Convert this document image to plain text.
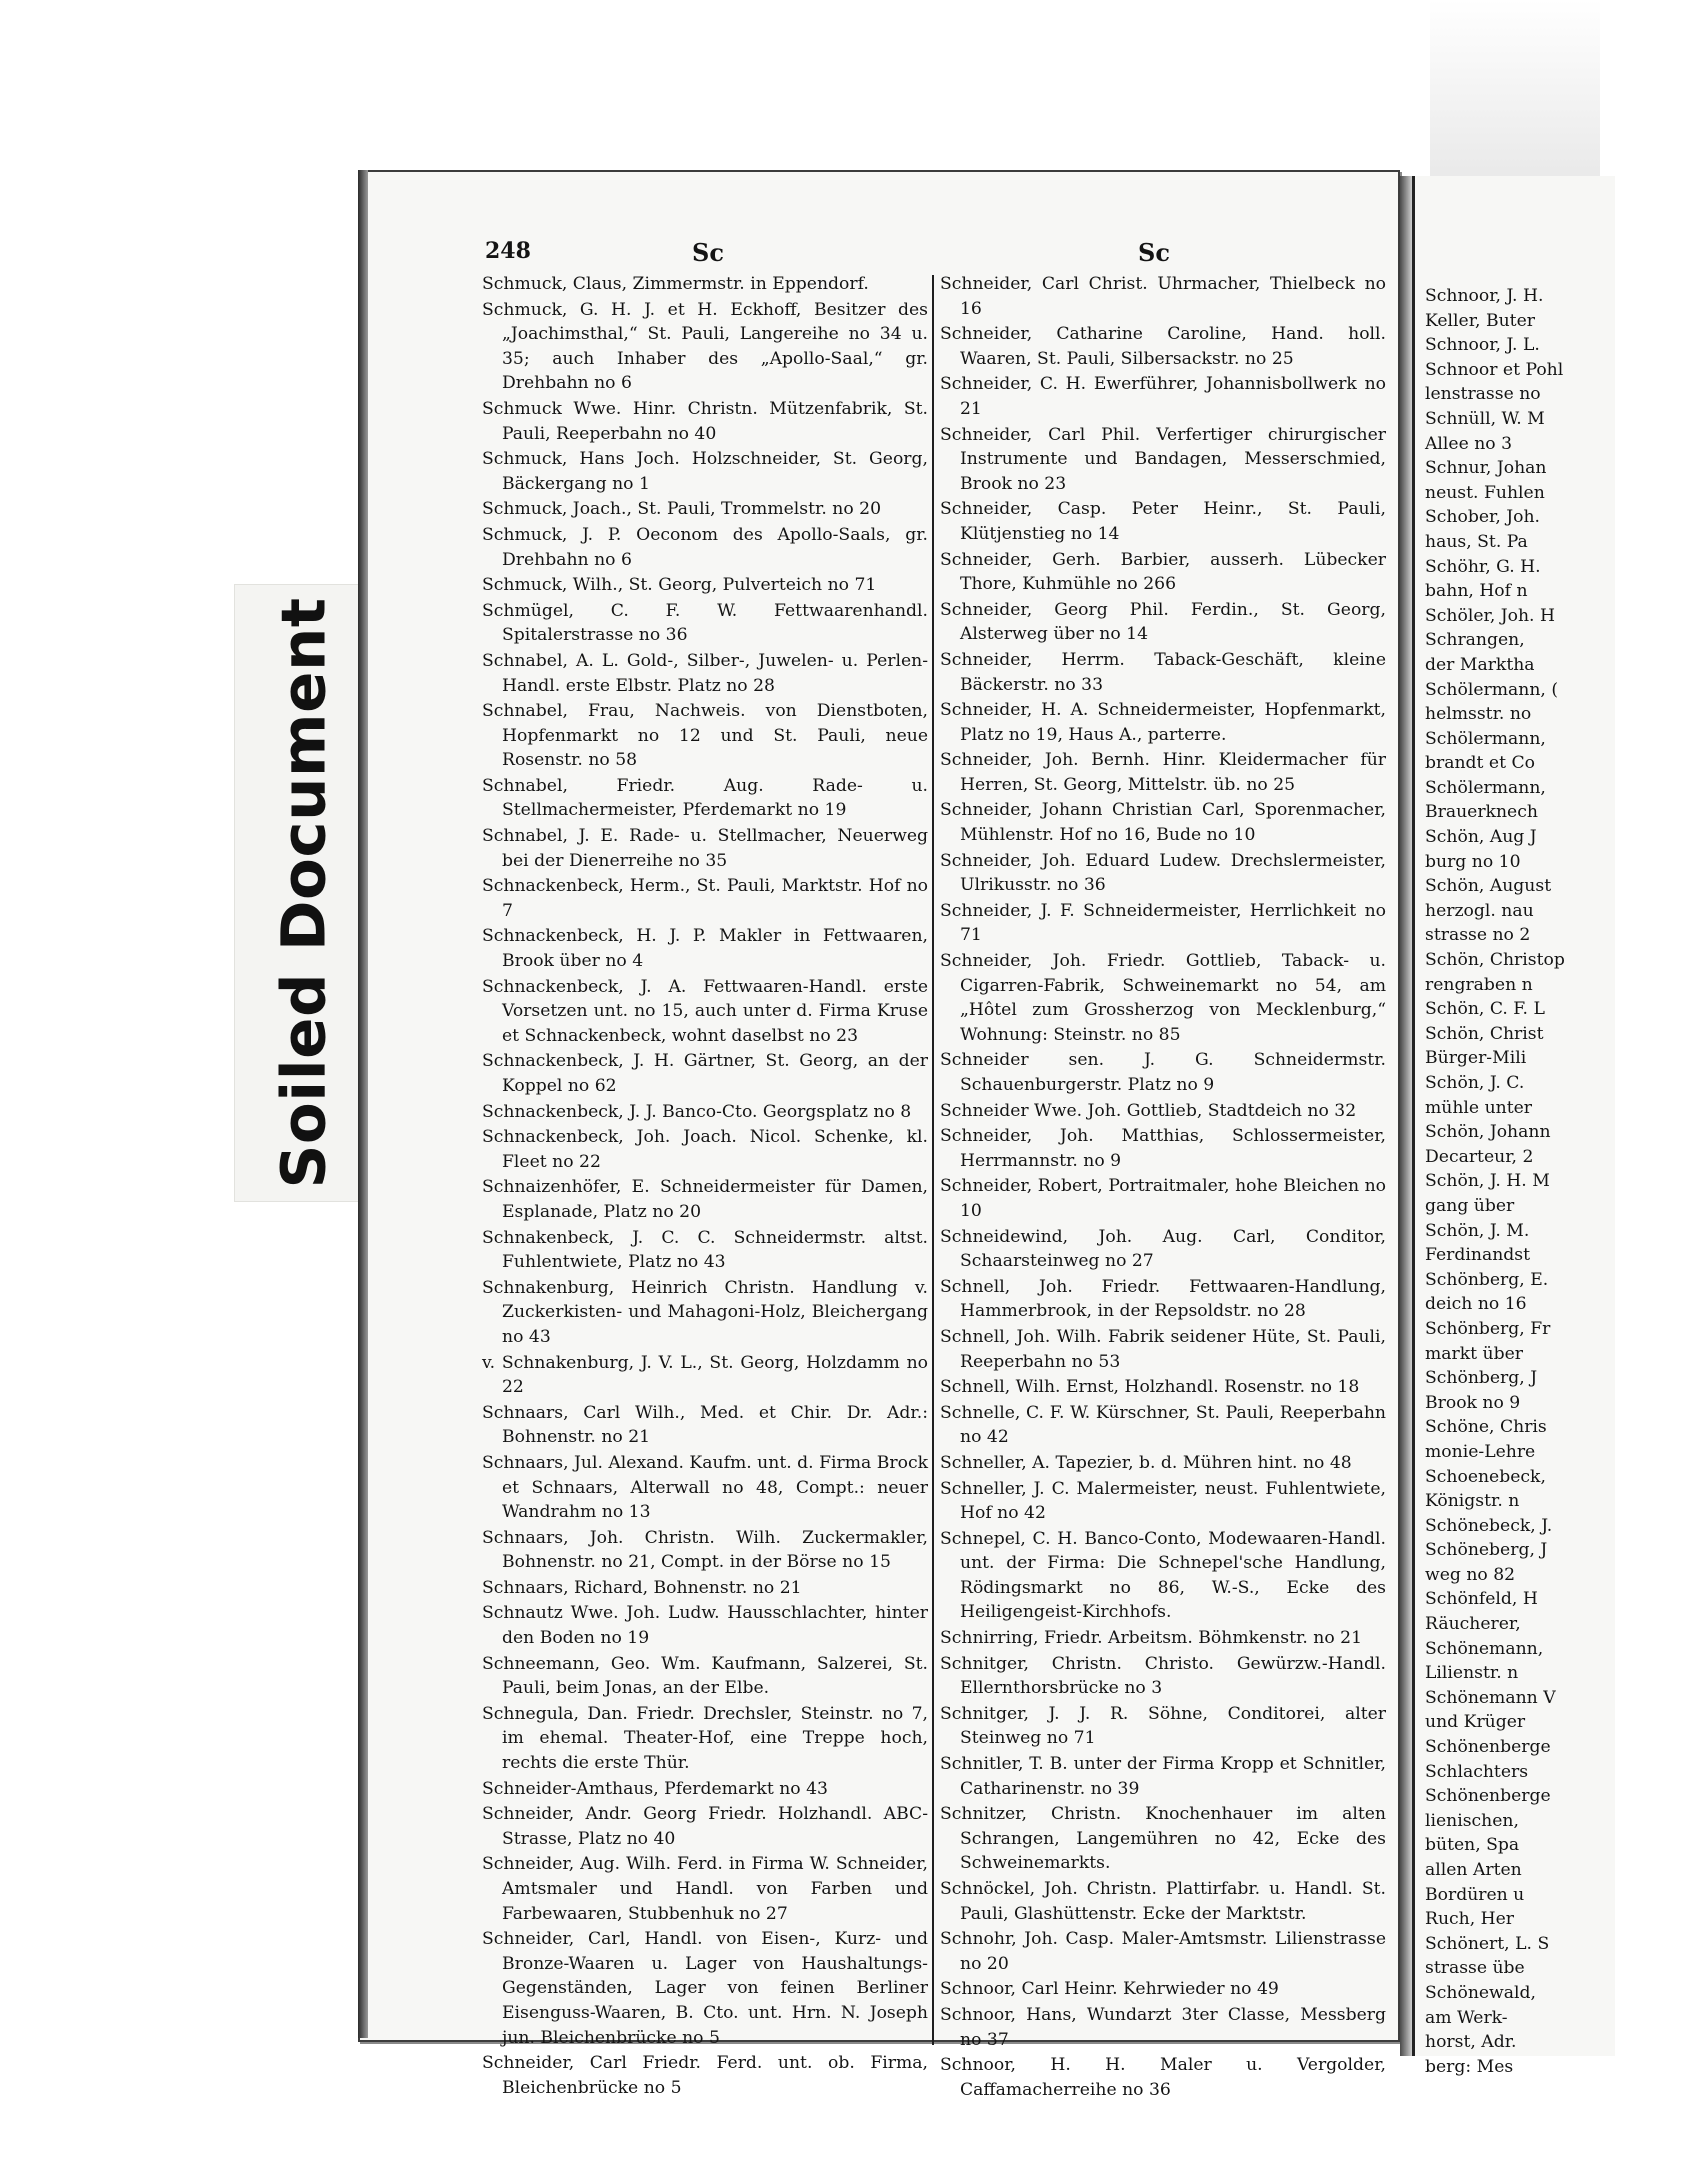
Soiled Document
248	Sc	Sc
Schmuck, Claus, Zimmermstr. in Eppendorf.
Schmuck, G. H. J. et H. Eckhoff, Besitzer des „Joachimsthal,“ St. Pauli, Langereihe no 34 u. 35; auch Inhaber des „Apollo-Saal,“ gr. Drehbahn no 6
Schmuck Wwe. Hinr. Christn. Mützenfabrik, St. Pauli, Reeperbahn no 40
Schmuck, Hans Joch. Holzschneider, St. Georg, Bäckergang no 1
Schmuck, Joach., St. Pauli, Trommelstr. no 20
Schmuck, J. P. Oeconom des Apollo-Saals, gr. Drehbahn no 6
Schmuck, Wilh., St. Georg, Pulverteich no 71
Schmügel, C. F. W. Fettwaarenhandl. Spitalerstrasse no 36
Schnabel, A. L. Gold-, Silber-, Juwelen- u. Perlen-Handl. erste Elbstr. Platz no 28
Schnabel, Frau, Nachweis. von Dienstboten, Hopfenmarkt no 12 und St. Pauli, neue Rosenstr. no 58
Schnabel, Friedr. Aug. Rade- u. Stellmachermeister, Pferdemarkt no 19
Schnabel, J. E. Rade- u. Stellmacher, Neuerweg bei der Dienerreihe no 35
Schnackenbeck, Herm., St. Pauli, Marktstr. Hof no 7
Schnackenbeck, H. J. P. Makler in Fettwaaren, Brook über no 4
Schnackenbeck, J. A. Fettwaaren-Handl. erste Vorsetzen unt. no 15, auch unter d. Firma Kruse et Schnackenbeck, wohnt daselbst no 23
Schnackenbeck, J. H. Gärtner, St. Georg, an der Koppel no 62
Schnackenbeck, J. J. Banco-Cto. Georgsplatz no 8
Schnackenbeck, Joh. Joach. Nicol. Schenke, kl. Fleet no 22
Schnaizenhöfer, E. Schneidermeister für Damen, Esplanade, Platz no 20
Schnakenbeck, J. C. C. Schneidermstr. altst. Fuhlentwiete, Platz no 43
Schnakenburg, Heinrich Christn. Handlung v. Zuckerkisten- und Mahagoni-Holz, Bleichergang no 43
v. Schnakenburg, J. V. L., St. Georg, Holzdamm no 22
Schnaars, Carl Wilh., Med. et Chir. Dr. Adr.: Bohnenstr. no 21
Schnaars, Jul. Alexand. Kaufm. unt. d. Firma Brock et Schnaars, Alterwall no 48, Compt.: neuer Wandrahm no 13
Schnaars, Joh. Christn. Wilh. Zuckermakler, Bohnenstr. no 21, Compt. in der Börse no 15
Schnaars, Richard, Bohnenstr. no 21
Schnautz Wwe. Joh. Ludw. Hausschlachter, hinter den Boden no 19
Schneemann, Geo. Wm. Kaufmann, Salzerei, St. Pauli, beim Jonas, an der Elbe.
Schnegula, Dan. Friedr. Drechsler, Steinstr. no 7, im ehemal. Theater-Hof, eine Treppe hoch, rechts die erste Thür.
Schneider-Amthaus, Pferdemarkt no 43
Schneider, Andr. Georg Friedr. Holzhandl. ABC-Strasse, Platz no 40
Schneider, Aug. Wilh. Ferd. in Firma W. Schneider, Amtsmaler und Handl. von Farben und Farbewaaren, Stubbenhuk no 27
Schneider, Carl, Handl. von Eisen-, Kurz- und Bronze-Waaren u. Lager von Haushaltungs-Gegenständen, Lager von feinen Berliner Eisenguss-Waaren, B. Cto. unt. Hrn. N. Joseph jun. Bleichenbrücke no 5
Schneider, Carl Friedr. Ferd. unt. ob. Firma, Bleichenbrücke no 5
Schneider, Carl Christ. Uhrmacher, Thielbeck no 16
Schneider, Catharine Caroline, Hand. holl. Waaren, St. Pauli, Silbersackstr. no 25
Schneider, C. H. Ewerführer, Johannisbollwerk no 21
Schneider, Carl Phil. Verfertiger chirurgischer Instrumente und Bandagen, Messerschmied, Brook no 23
Schneider, Casp. Peter Heinr., St. Pauli, Klütjenstieg no 14
Schneider, Gerh. Barbier, ausserh. Lübecker Thore, Kuhmühle no 266
Schneider, Georg Phil. Ferdin., St. Georg, Alsterweg über no 14
Schneider, Herrm. Taback-Geschäft, kleine Bäckerstr. no 33
Schneider, H. A. Schneidermeister, Hopfenmarkt, Platz no 19, Haus A., parterre.
Schneider, Joh. Bernh. Hinr. Kleidermacher für Herren, St. Georg, Mittelstr. üb. no 25
Schneider, Johann Christian Carl, Sporenmacher, Mühlenstr. Hof no 16, Bude no 10
Schneider, Joh. Eduard Ludew. Drechslermeister, Ulrikusstr. no 36
Schneider, J. F. Schneidermeister, Herrlichkeit no 71
Schneider, Joh. Friedr. Gottlieb, Taback- u. Cigarren-Fabrik, Schweinemarkt no 54, am „Hôtel zum Grossherzog von Mecklenburg,“ Wohnung: Steinstr. no 85
Schneider sen. J. G. Schneidermstr. Schauenburgerstr. Platz no 9
Schneider Wwe. Joh. Gottlieb, Stadtdeich no 32
Schneider, Joh. Matthias, Schlossermeister, Herrmannstr. no 9
Schneider, Robert, Portraitmaler, hohe Bleichen no 10
Schneidewind, Joh. Aug. Carl, Conditor, Schaarsteinweg no 27
Schnell, Joh. Friedr. Fettwaaren-Handlung, Hammerbrook, in der Repsoldstr. no 28
Schnell, Joh. Wilh. Fabrik seidener Hüte, St. Pauli, Reeperbahn no 53
Schnell, Wilh. Ernst, Holzhandl. Rosenstr. no 18
Schnelle, C. F. W. Kürschner, St. Pauli, Reeperbahn no 42
Schneller, A. Tapezier, b. d. Mühren hint. no 48
Schneller, J. C. Malermeister, neust. Fuhlentwiete, Hof no 42
Schnepel, C. H. Banco-Conto, Modewaaren-Handl. unt. der Firma: Die Schnepel'sche Handlung, Rödingsmarkt no 86, W.-S., Ecke des Heiligengeist-Kirchhofs.
Schnirring, Friedr. Arbeitsm. Böhmkenstr. no 21
Schnitger, Christn. Christo. Gewürzw.-Handl. Ellernthorsbrücke no 3
Schnitger, J. J. R. Söhne, Conditorei, alter Steinweg no 71
Schnitler, T. B. unter der Firma Kropp et Schnitler, Catharinenstr. no 39
Schnitzer, Christn. Knochenhauer im alten Schrangen, Langemühren no 42, Ecke des Schweinemarkts.
Schnöckel, Joh. Christn. Plattirfabr. u. Handl. St. Pauli, Glashüttenstr. Ecke der Marktstr.
Schnohr, Joh. Casp. Maler-Amtsmstr. Lilienstrasse no 20
Schnoor, Carl Heinr. Kehrwieder no 49
Schnoor, Hans, Wundarzt 3ter Classe, Messberg no 37
Schnoor, H. H. Maler u. Vergolder, Caffamacherreihe no 36
Schnoor, J. H.
Keller, Buter
Schnoor, J. L.
Schnoor et Pohl
lenstrasse no
Schnüll, W. M
Allee no 3
Schnur, Johan
neust. Fuhlen
Schober, Joh.
haus, St. Pa
Schöhr, G. H.
bahn, Hof n
Schöler, Joh. H
Schrangen,
der Marktha
Schölermann, (
helmsstr. no
Schölermann,
brandt et Co
Schölermann,
Brauerknech
Schön, Aug J
burg no 10
Schön, August
herzogl. nau
strasse no 2
Schön, Christop
rengraben n
Schön, C. F. L
Schön, Christ
Bürger-Mili
Schön, J. C.
mühle unter
Schön, Johann
Decarteur, 2
Schön, J. H. M
gang über
Schön, J. M.
Ferdinandst
Schönberg, E.
deich no 16
Schönberg, Fr
markt über
Schönberg, J
Brook no 9
Schöne, Chris
monie-Lehre
Schoenebeck,
Königstr. n
Schönebeck, J.
Schöneberg, J
weg no 82
Schönfeld, H
Räucherer,
Schönemann,
Lilienstr. n
Schönemann V
und Krüger
Schönenberge
Schlachters
Schönenberge
lienischen,
büten, Spa
allen Arten
Bordüren u
Ruch, Her
Schönert, L. S
strasse übe
Schönewald,
am Werk-
horst, Adr.
berg: Mes
